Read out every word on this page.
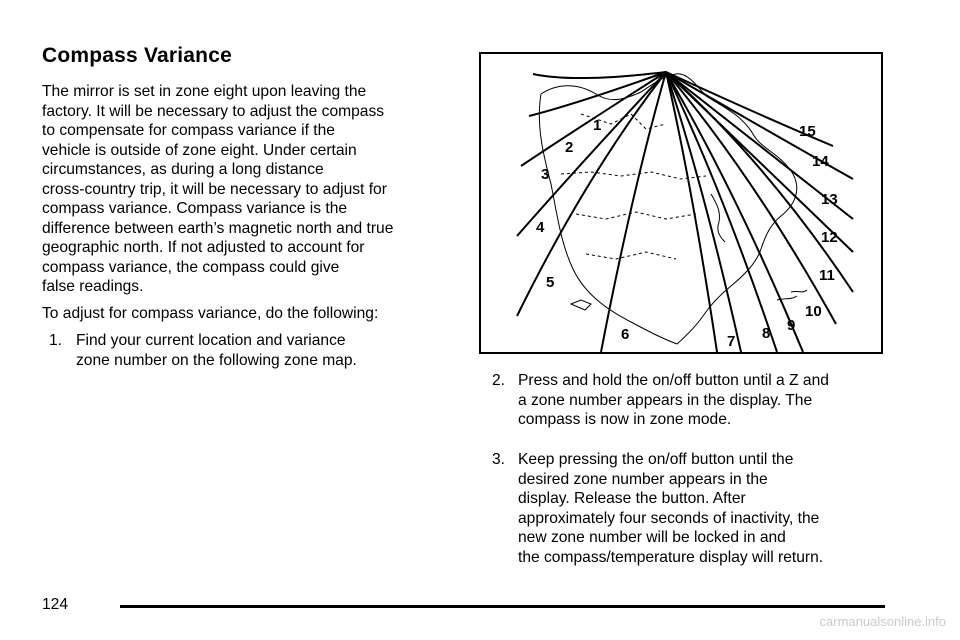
Compass Variance

The mirror is set in zone eight upon leaving the
factory. It will be necessary to adjust the compass
to compensate for compass variance if the
vehicle is outside of zone eight. Under certain
circumstances, as during a long distance
cross-country trip, it will be necessary to adjust for
compass variance. Compass variance is the
difference between earth’s magnetic north and true
geographic north. If not adjusted to account for
compass variance, the compass could give
false readings.

To adjust for compass variance, do the following:

1. Find your current location and variance
zone number on the following zone map.
1
2
3
4
5
6	7 8 9
10
11
12
13
14
15
2. Press and hold the on/off button until a Z and
a zone number appears in the display. The
compass is now in zone mode.
3. Keep pressing the on/off button until the
desired zone number appears in the
display. Release the button. After
approximately four seconds of inactivity, the
new zone number will be locked in and
the compass/temperature display will return.
124
carmanualsonline.info
